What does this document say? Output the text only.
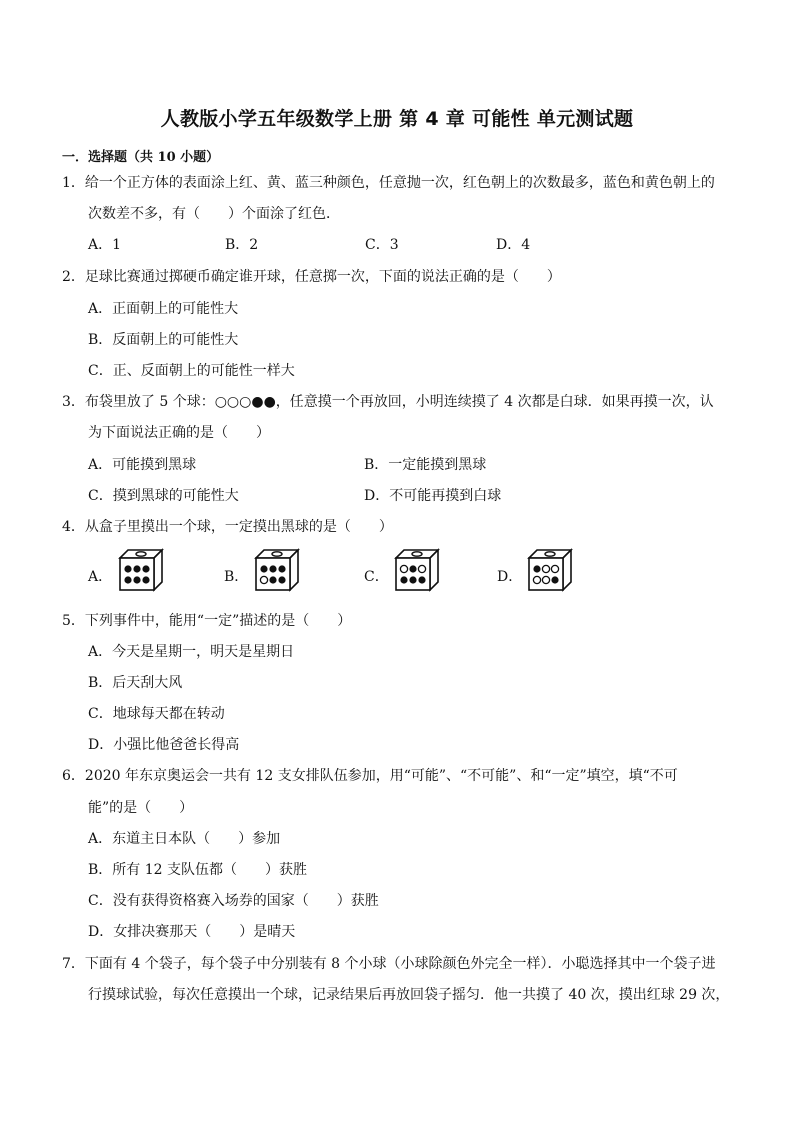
人教版小学五年级数学上册 第 4 章 可能性 单元测试题
一．选择题（共 10 小题）
1．给一个正方体的表面涂上红、黄、蓝三种颜色，任意抛一次，红色朝上的次数最多，蓝色和黄色朝上的
次数差不多，有（　　）个面涂了红色．
A．1	B．2	C．3	D．4
2．足球比赛通过掷硬币确定谁开球，任意掷一次，下面的说法正确的是（　　）
A．正面朝上的可能性大
B．反面朝上的可能性大
C．正、反面朝上的可能性一样大
3．布袋里放了 5 个球：○○○●●，任意摸一个再放回，小明连续摸了 4 次都是白球．如果再摸一次，认
为下面说法正确的是（　　）
A．可能摸到黑球	B．一定能摸到黑球
C．摸到黑球的可能性大	D．不可能再摸到白球
4．从盒子里摸出一个球，一定摸出黑球的是（　　）
A．	B．	C．	D．
5．下列事件中，能用“一定”描述的是（　　）
A．今天是星期一，明天是星期日
B．后天刮大风
C．地球每天都在转动
D．小强比他爸爸长得高
6．2020 年东京奥运会一共有 12 支女排队伍参加，用“可能”、“不可能”、和“一定”填空，填“不可
能”的是（　　）
A．东道主日本队（　　）参加
B．所有 12 支队伍都（　　）获胜
C．没有获得资格赛入场券的国家（　　）获胜
D．女排决赛那天（　　）是晴天
7．下面有 4 个袋子，每个袋子中分别装有 8 个小球（小球除颜色外完全一样）．小聪选择其中一个袋子进
行摸球试验，每次任意摸出一个球，记录结果后再放回袋子摇匀．他一共摸了 40 次，摸出红球 29 次，
